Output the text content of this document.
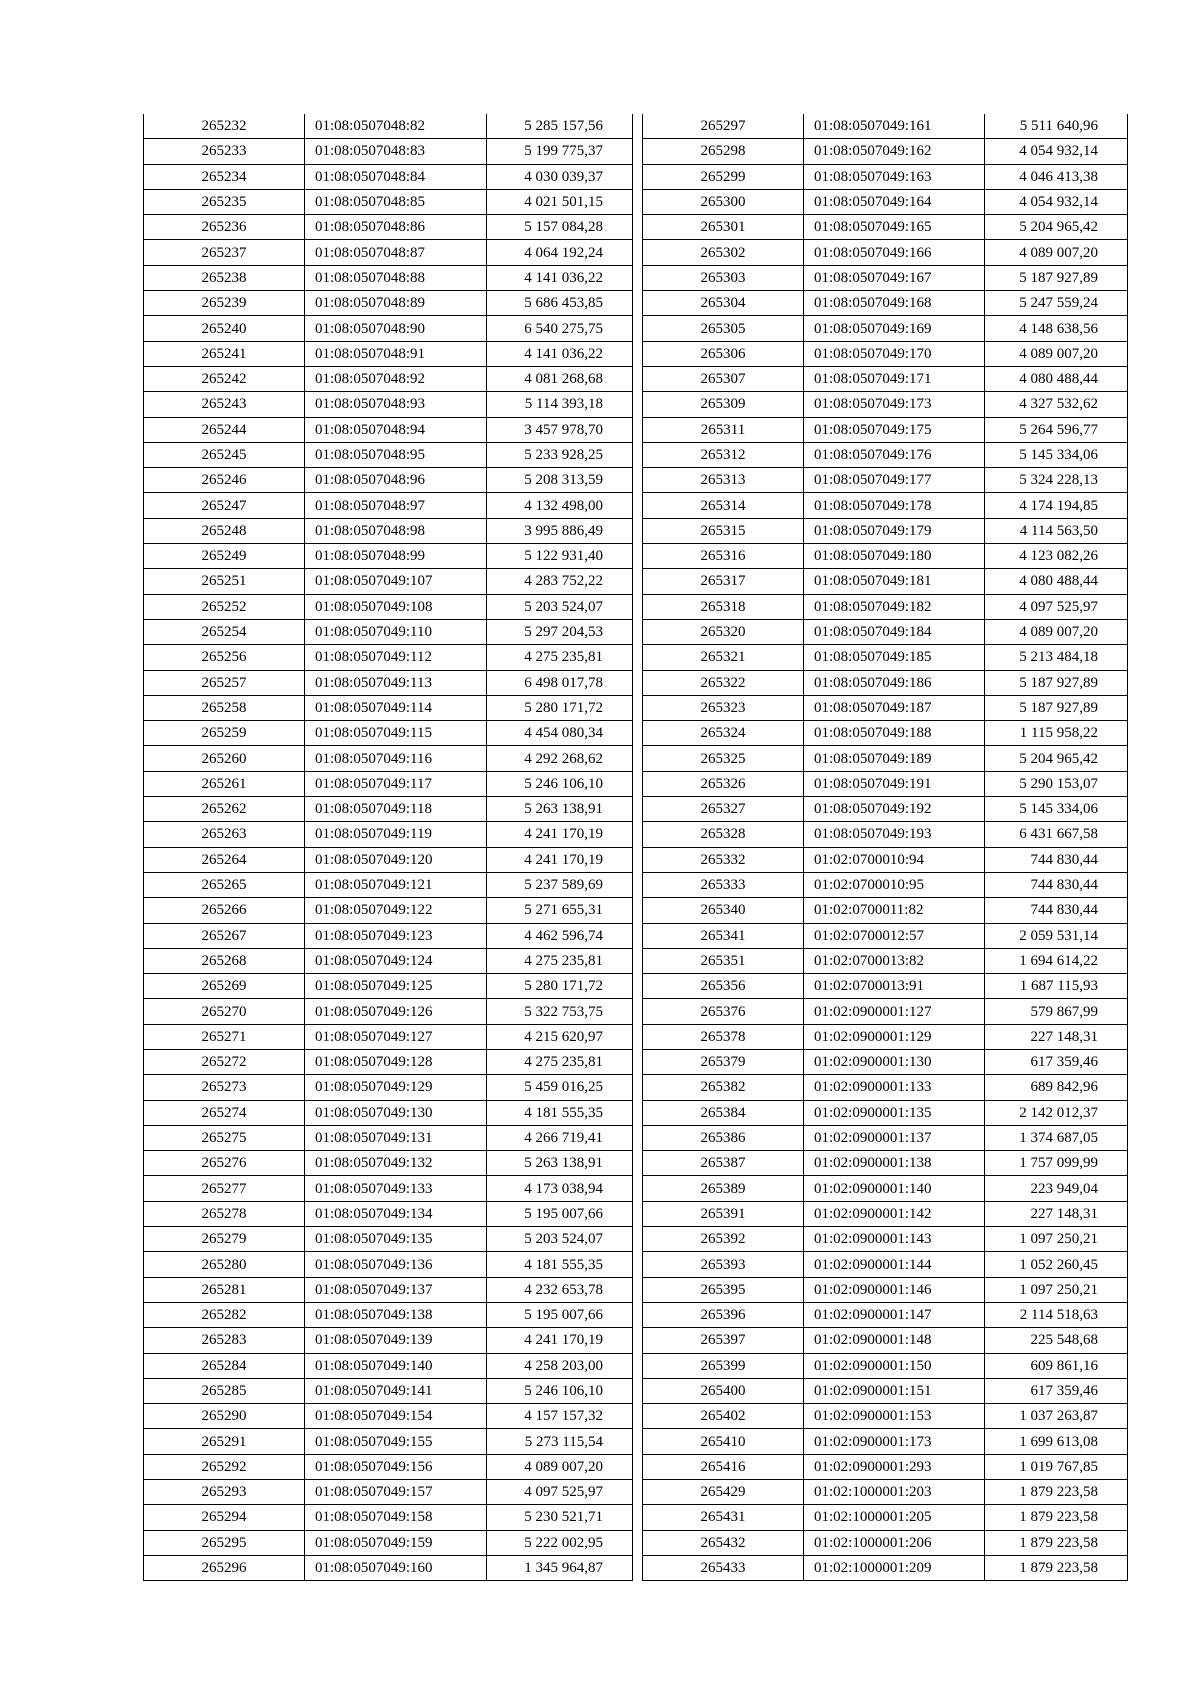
265232	01:08:0507048:82	5 285 157,56
265233	01:08:0507048:83	5 199 775,37
265234	01:08:0507048:84	4 030 039,37
265235	01:08:0507048:85	4 021 501,15
265236	01:08:0507048:86	5 157 084,28
265237	01:08:0507048:87	4 064 192,24
265238	01:08:0507048:88	4 141 036,22
265239	01:08:0507048:89	5 686 453,85
265240	01:08:0507048:90	6 540 275,75
265241	01:08:0507048:91	4 141 036,22
265242	01:08:0507048:92	4 081 268,68
265243	01:08:0507048:93	5 114 393,18
265244	01:08:0507048:94	3 457 978,70
265245	01:08:0507048:95	5 233 928,25
265246	01:08:0507048:96	5 208 313,59
265247	01:08:0507048:97	4 132 498,00
265248	01:08:0507048:98	3 995 886,49
265249	01:08:0507048:99	5 122 931,40
265251	01:08:0507049:107	4 283 752,22
265252	01:08:0507049:108	5 203 524,07
265254	01:08:0507049:110	5 297 204,53
265256	01:08:0507049:112	4 275 235,81
265257	01:08:0507049:113	6 498 017,78
265258	01:08:0507049:114	5 280 171,72
265259	01:08:0507049:115	4 454 080,34
265260	01:08:0507049:116	4 292 268,62
265261	01:08:0507049:117	5 246 106,10
265262	01:08:0507049:118	5 263 138,91
265263	01:08:0507049:119	4 241 170,19
265264	01:08:0507049:120	4 241 170,19
265265	01:08:0507049:121	5 237 589,69
265266	01:08:0507049:122	5 271 655,31
265267	01:08:0507049:123	4 462 596,74
265268	01:08:0507049:124	4 275 235,81
265269	01:08:0507049:125	5 280 171,72
265270	01:08:0507049:126	5 322 753,75
265271	01:08:0507049:127	4 215 620,97
265272	01:08:0507049:128	4 275 235,81
265273	01:08:0507049:129	5 459 016,25
265274	01:08:0507049:130	4 181 555,35
265275	01:08:0507049:131	4 266 719,41
265276	01:08:0507049:132	5 263 138,91
265277	01:08:0507049:133	4 173 038,94
265278	01:08:0507049:134	5 195 007,66
265279	01:08:0507049:135	5 203 524,07
265280	01:08:0507049:136	4 181 555,35
265281	01:08:0507049:137	4 232 653,78
265282	01:08:0507049:138	5 195 007,66
265283	01:08:0507049:139	4 241 170,19
265284	01:08:0507049:140	4 258 203,00
265285	01:08:0507049:141	5 246 106,10
265290	01:08:0507049:154	4 157 157,32
265291	01:08:0507049:155	5 273 115,54
265292	01:08:0507049:156	4 089 007,20
265293	01:08:0507049:157	4 097 525,97
265294	01:08:0507049:158	5 230 521,71
265295	01:08:0507049:159	5 222 002,95
265296	01:08:0507049:160	1 345 964,87
265297	01:08:0507049:161	5 511 640,96
265298	01:08:0507049:162	4 054 932,14
265299	01:08:0507049:163	4 046 413,38
265300	01:08:0507049:164	4 054 932,14
265301	01:08:0507049:165	5 204 965,42
265302	01:08:0507049:166	4 089 007,20
265303	01:08:0507049:167	5 187 927,89
265304	01:08:0507049:168	5 247 559,24
265305	01:08:0507049:169	4 148 638,56
265306	01:08:0507049:170	4 089 007,20
265307	01:08:0507049:171	4 080 488,44
265309	01:08:0507049:173	4 327 532,62
265311	01:08:0507049:175	5 264 596,77
265312	01:08:0507049:176	5 145 334,06
265313	01:08:0507049:177	5 324 228,13
265314	01:08:0507049:178	4 174 194,85
265315	01:08:0507049:179	4 114 563,50
265316	01:08:0507049:180	4 123 082,26
265317	01:08:0507049:181	4 080 488,44
265318	01:08:0507049:182	4 097 525,97
265320	01:08:0507049:184	4 089 007,20
265321	01:08:0507049:185	5 213 484,18
265322	01:08:0507049:186	5 187 927,89
265323	01:08:0507049:187	5 187 927,89
265324	01:08:0507049:188	1 115 958,22
265325	01:08:0507049:189	5 204 965,42
265326	01:08:0507049:191	5 290 153,07
265327	01:08:0507049:192	5 145 334,06
265328	01:08:0507049:193	6 431 667,58
265332	01:02:0700010:94	744 830,44
265333	01:02:0700010:95	744 830,44
265340	01:02:0700011:82	744 830,44
265341	01:02:0700012:57	2 059 531,14
265351	01:02:0700013:82	1 694 614,22
265356	01:02:0700013:91	1 687 115,93
265376	01:02:0900001:127	579 867,99
265378	01:02:0900001:129	227 148,31
265379	01:02:0900001:130	617 359,46
265382	01:02:0900001:133	689 842,96
265384	01:02:0900001:135	2 142 012,37
265386	01:02:0900001:137	1 374 687,05
265387	01:02:0900001:138	1 757 099,99
265389	01:02:0900001:140	223 949,04
265391	01:02:0900001:142	227 148,31
265392	01:02:0900001:143	1 097 250,21
265393	01:02:0900001:144	1 052 260,45
265395	01:02:0900001:146	1 097 250,21
265396	01:02:0900001:147	2 114 518,63
265397	01:02:0900001:148	225 548,68
265399	01:02:0900001:150	609 861,16
265400	01:02:0900001:151	617 359,46
265402	01:02:0900001:153	1 037 263,87
265410	01:02:0900001:173	1 699 613,08
265416	01:02:0900001:293	1 019 767,85
265429	01:02:1000001:203	1 879 223,58
265431	01:02:1000001:205	1 879 223,58
265432	01:02:1000001:206	1 879 223,58
265433	01:02:1000001:209	1 879 223,58
